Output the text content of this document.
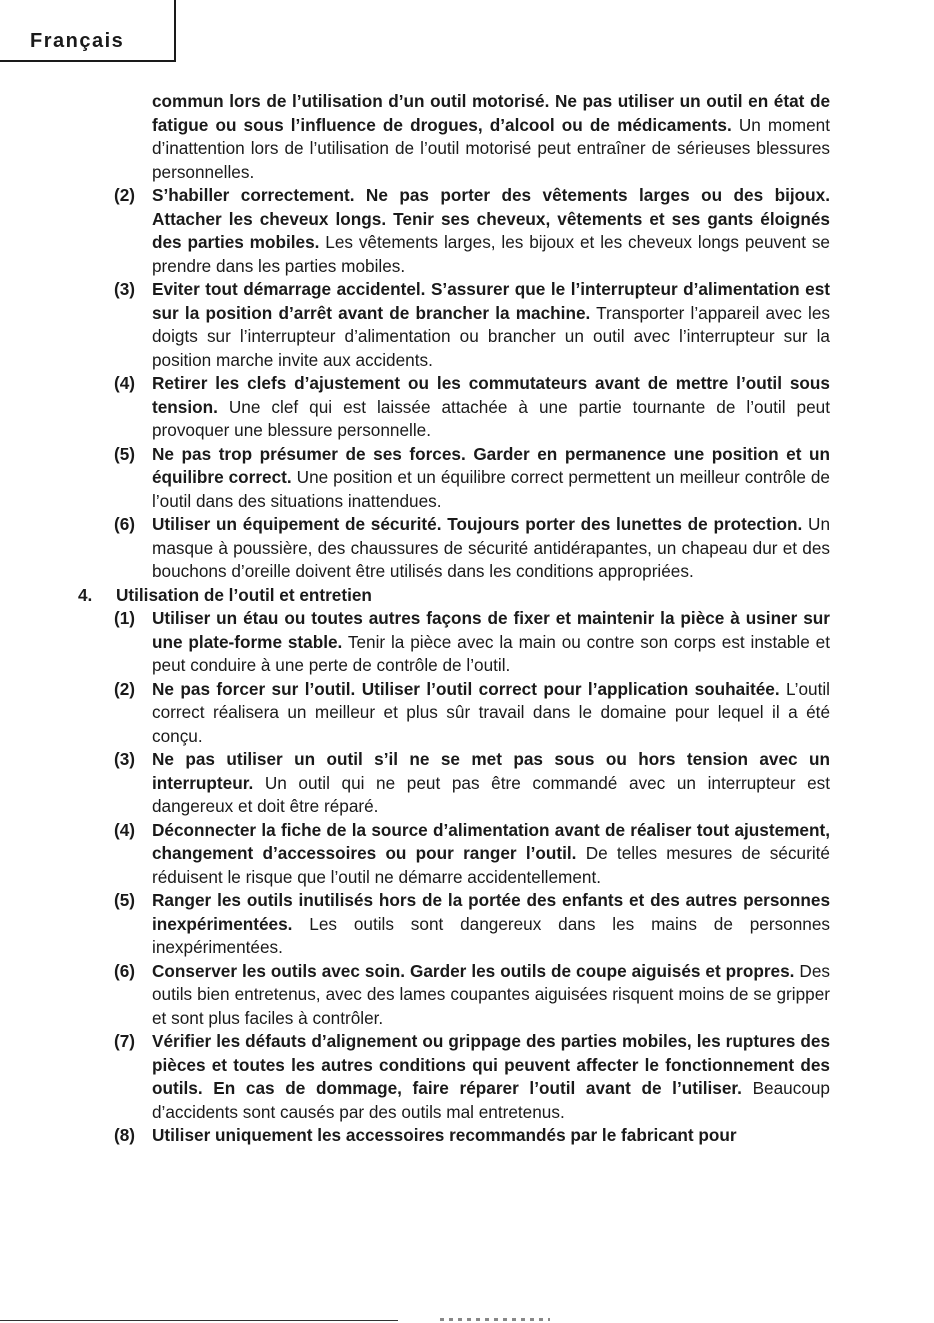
Français

commun lors de l’utilisation d’un outil motorisé. Ne pas utiliser un outil en état de fatigue ou sous l’influence de drogues, d’alcool ou de médicaments. Un moment d’inattention lors de l’utilisation de l’outil motorisé peut entraîner de sérieuses blessures personnelles.

(2) S’habiller correctement. Ne pas porter des vêtements larges ou des bijoux. Attacher les cheveux longs. Tenir ses cheveux, vêtements et ses gants éloignés des parties mobiles. Les vêtements larges, les bijoux et les cheveux longs peuvent se prendre dans les parties mobiles.

(3) Eviter tout démarrage accidentel. S’assurer que le l’interrupteur d’alimentation est sur la position d’arrêt avant de brancher la machine. Transporter l’appareil avec les doigts sur l’interrupteur d’alimentation ou brancher un outil avec l’interrupteur sur la position marche invite aux accidents.

(4) Retirer les clefs d’ajustement ou les commutateurs avant de mettre l’outil sous tension. Une clef qui est laissée attachée à une partie tournante de l’outil peut provoquer une blessure personnelle.

(5) Ne pas trop présumer de ses forces. Garder en permanence une position et un équilibre correct. Une position et un équilibre correct permettent un meilleur contrôle de l’outil dans des situations inattendues.

(6) Utiliser un équipement de sécurité. Toujours porter des lunettes de protection. Un masque à poussière, des chaussures de sécurité antidérapantes, un chapeau dur et des bouchons d’oreille doivent être utilisés dans les conditions appropriées.

4. Utilisation de l’outil et entretien

(1) Utiliser un étau ou toutes autres façons de fixer et maintenir la pièce à usiner sur une plate-forme stable. Tenir la pièce avec la main ou contre son corps est instable et peut conduire à une perte de contrôle de l’outil.

(2) Ne pas forcer sur l’outil. Utiliser l’outil correct pour l’application souhaitée. L’outil correct réalisera un meilleur et plus sûr travail dans le domaine pour lequel il a été conçu.

(3) Ne pas utiliser un outil s’il ne se met pas sous ou hors tension avec un interrupteur. Un outil qui ne peut pas être commandé avec un interrupteur est dangereux et doit être réparé.

(4) Déconnecter la fiche de la source d’alimentation avant de réaliser tout ajustement, changement d’accessoires ou pour ranger l’outil. De telles mesures de sécurité réduisent le risque que l’outil ne démarre accidentellement.

(5) Ranger les outils inutilisés hors de la portée des enfants et des autres personnes inexpérimentées. Les outils sont dangereux dans les mains de personnes inexpérimentées.

(6) Conserver les outils avec soin. Garder les outils de coupe aiguisés et propres. Des outils bien entretenus, avec des lames coupantes aiguisées risquent moins de se gripper et sont plus faciles à contrôler.

(7) Vérifier les défauts d’alignement ou grippage des parties mobiles, les ruptures des pièces et toutes les autres conditions qui peuvent affecter le fonctionnement des outils. En cas de dommage, faire réparer l’outil avant de l’utiliser. Beaucoup d’accidents sont causés par des outils mal entretenus.

(8) Utiliser uniquement les accessoires recommandés par le fabricant pour
